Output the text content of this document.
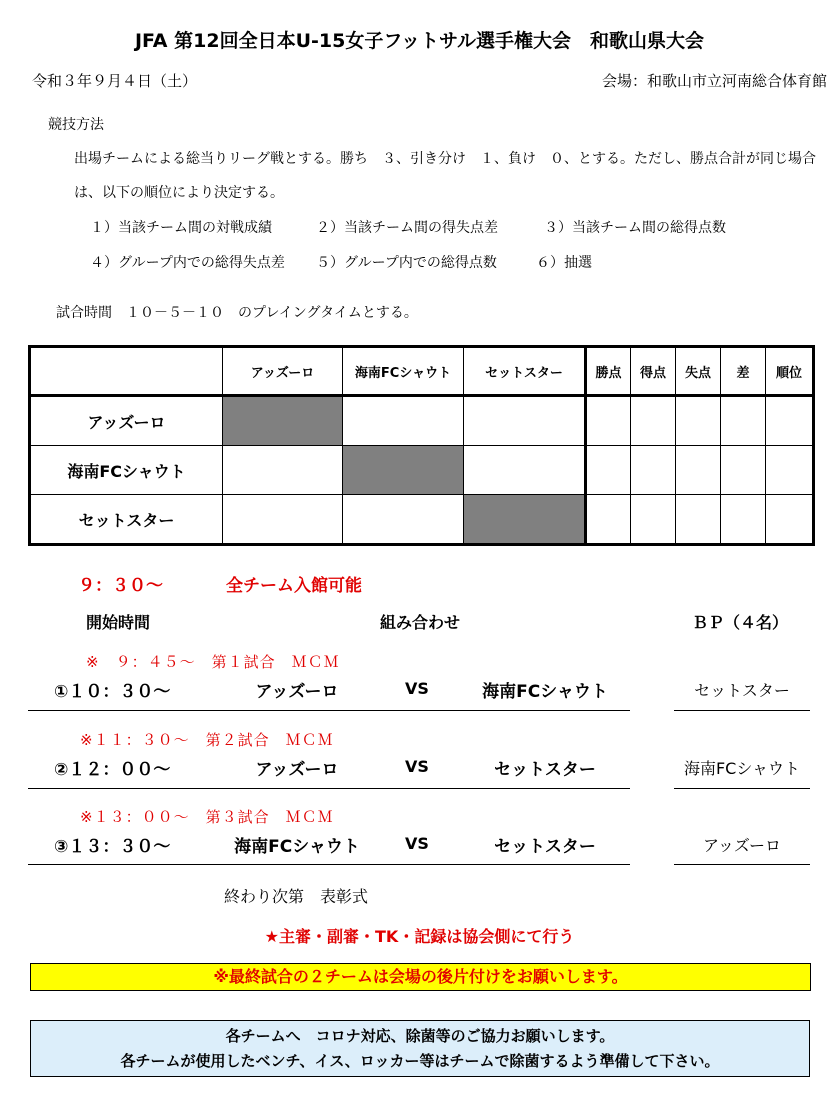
JFA 第12回全日本U-15女子フットサル選手権大会　和歌山県大会
令和３年９月４日（土）	会場：和歌山市立河南総合体育館
競技方法
出場チームによる総当りリーグ戦とする。勝ち　３、引き分け　１、負け　０、とする。ただし、勝点合計が同じ場合
は、以下の順位により決定する。
１）当該チーム間の対戦成績	２）当該チーム間の得失点差	３）当該チーム間の総得点数
４）グループ内での総得失点差 ５）グループ内での総得点数	６）抽選
試合時間　１０－５－１０　のプレイングタイムとする。
	アッズーロ	海南FCシャウト	セットスター	勝点	得点	失点	差	順位
アッズーロ								
海南FCシャウト								
セットスター								
９：３０～	全チーム入館可能
開始時間	組み合わせ	ＢＰ（４名）
※　９：４５～　第１試合　ＭＣＭ
①１０：３０～	アッズーロ	VS	海南FCシャウト	セットスター
※１１：３０～　第２試合　ＭＣＭ
②１２：００～	アッズーロ	VS	セットスター	海南FCシャウト
※１３：００～　第３試合　ＭＣＭ
③１３：３０～	海南FCシャウト	VS	セットスター	アッズーロ
終わり次第　表彰式
★主審・副審・TK・記録は協会側にて行う
※最終試合の２チームは会場の後片付けをお願いします。
各チームへ　コロナ対応、除菌等のご協力お願いします。
各チームが使用したベンチ、イス、ロッカー等はチームで除菌するよう準備して下さい。
